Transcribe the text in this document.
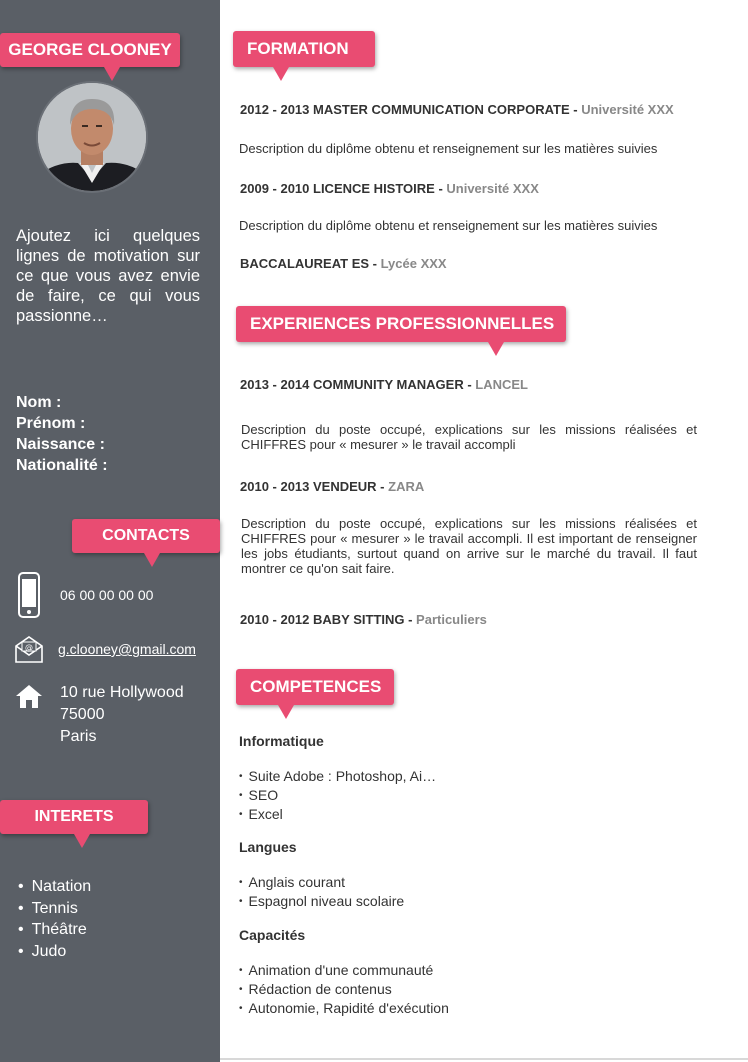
GEORGE CLOONEY

Ajoutez ici quelques lignes de motivation sur ce que vous avez envie de faire, ce qui vous passionne…

Nom :
Prénom :
Naissance :
Nationalité :
CONTACTS
06 00 00 00 00
@ g.clooney@gmail.com
10 rue Hollywood
75000
Paris
INTERETS
• Natation
• Tennis
• Théâtre
• Judo
FORMATION
2012 - 2013 MASTER COMMUNICATION CORPORATE - Université XXX
Description du diplôme obtenu et renseignement sur les matières suivies
2009 - 2010 LICENCE HISTOIRE - Université XXX
Description du diplôme obtenu et renseignement sur les matières suivies
BACCALAUREAT ES - Lycée XXX
EXPERIENCES PROFESSIONNELLES
2013 - 2014 COMMUNITY MANAGER - LANCEL
Description du poste occupé, explications sur les missions réalisées et CHIFFRES pour « mesurer » le travail accompli
2010 - 2013 VENDEUR - ZARA
Description du poste occupé, explications sur les missions réalisées et CHIFFRES pour « mesurer » le travail accompli. Il est important de renseigner les jobs étudiants, surtout quand on arrive sur le marché du travail. Il faut montrer ce qu'on sait faire.
2010 - 2012 BABY SITTING - Particuliers
COMPETENCES
Informatique
• Suite Adobe : Photoshop, Ai…
• SEO
• Excel
Langues
• Anglais courant
• Espagnol niveau scolaire
Capacités
• Animation d'une communauté
• Rédaction de contenus
• Autonomie, Rapidité d'exécution
